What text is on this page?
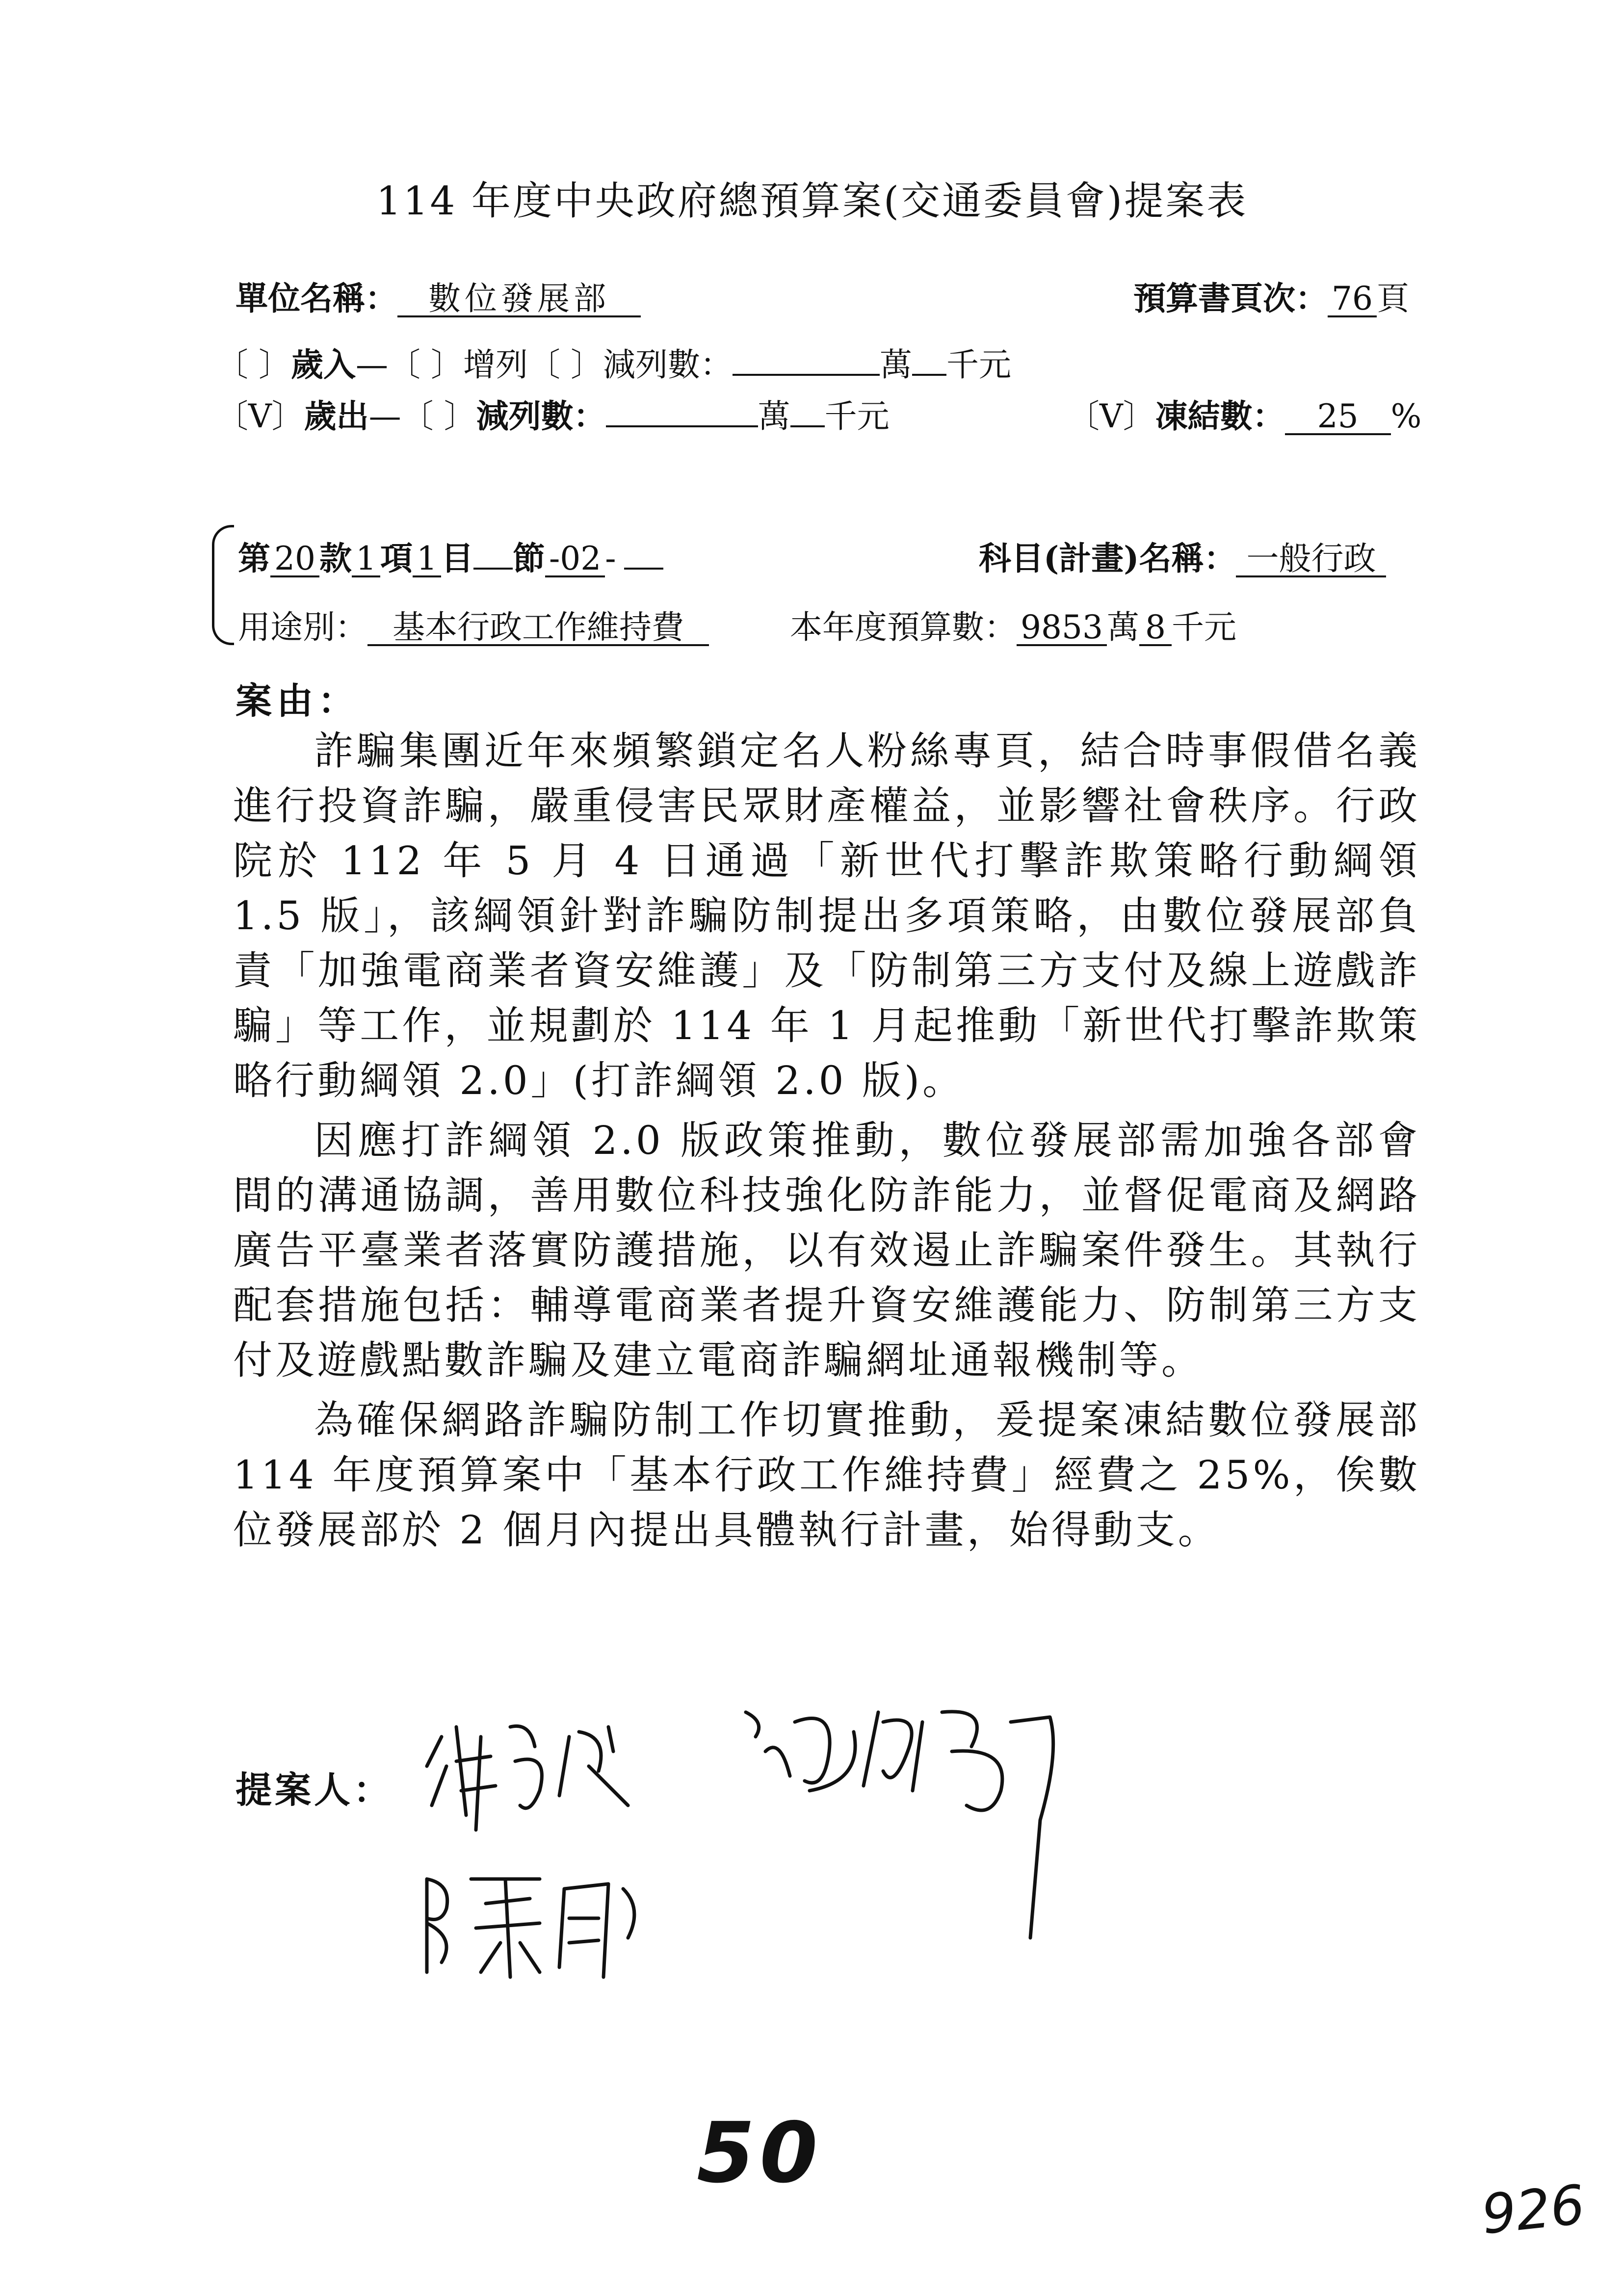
114 年度中央政府總預算案(交通委員會)提案表
單位名稱： 數位發展部	預算書頁次： 76 頁
〔 〕歲入—〔 〕增列〔 〕減列數：	萬 千元
〔V〕歲出—〔 〕減列數：	萬 千元	〔V〕凍結數： 25 %
第 20 款 1 項 1 目 節 -02 -	科目(計畫)名稱： 一般行政
用途別： 基本行政工作維持費	本年度預算數： 9853 萬 8 千元
案由：

詐騙集團近年來頻繁鎖定名人粉絲專頁，結合時事假借名義進行投資詐騙，嚴重侵害民眾財產權益，並影響社會秩序。行政院於 112 年 5 月 4 日通過「新世代打擊詐欺策略行動綱領 1.5 版」，該綱領針對詐騙防制提出多項策略，由數位發展部負責「加強電商業者資安維護」及「防制第三方支付及線上遊戲詐騙」等工作，並規劃於 114 年 1 月起推動「新世代打擊詐欺策略行動綱領 2.0」(打詐綱領 2.0 版)。

因應打詐綱領 2.0 版政策推動，數位發展部需加強各部會間的溝通協調，善用數位科技強化防詐能力，並督促電商及網路廣告平臺業者落實防護措施，以有效遏止詐騙案件發生。其執行配套措施包括：輔導電商業者提升資安維護能力、防制第三方支付及遊戲點數詐騙及建立電商詐騙網址通報機制等。

為確保網路詐騙防制工作切實推動，爰提案凍結數位發展部 114 年度預算案中「基本行政工作維持費」經費之 25%，俟數位發展部於 2 個月內提出具體執行計畫，始得動支。

提案人：
50
926
